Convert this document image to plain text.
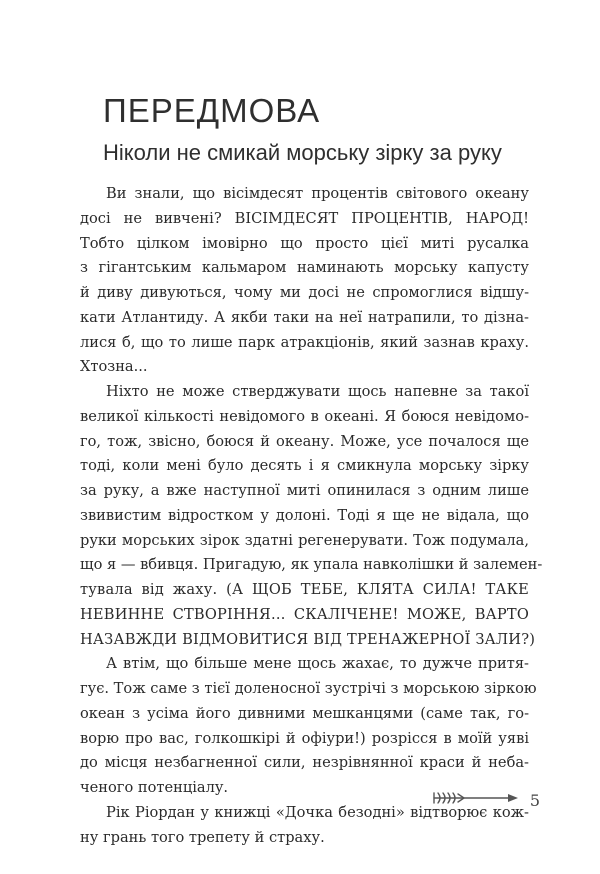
ПЕРЕДМОВА
Ніколи не смикай морську зірку за руку
Ви знали, що вісімдесят процентів світового океану
досі не вивчені? ВІСІМДЕСЯТ ПРОЦЕНТІВ, НАРОД!
Тобто цілком імовірно що просто цієї миті русалка
з гігантським кальмаром наминають морську капусту
й диву дивуються, чому ми досі не спромоглися відшу-
кати Атлантиду. А якби таки на неї натрапили, то дізна-
лися б, що то лише парк атракціонів, який зазнав краху.
Хтозна...
Ніхто не може стверджувати щось напевне за такої
великої кількості невідомого в океані. Я боюся невідомо-
го, тож, звісно, боюся й океану. Може, усе почалося ще
тоді, коли мені було десять і я смикнула морську зірку
за руку, а вже наступної миті опинилася з одним лише
звивистим відростком у долоні. Тоді я ще не відала, що
руки морських зірок здатні регенерувати. Тож подумала,
що я — вбивця. Пригадую, як упала навколішки й залемен-
тувала від жаху. (А ЩОБ ТЕБЕ, КЛЯТА СИЛА! ТАКЕ
НЕВИННЕ СТВОРІННЯ… СКАЛІЧЕНЕ! МОЖЕ, ВАРТО
НАЗАВЖДИ ВІДМОВИТИСЯ ВІД ТРЕНАЖЕРНОЇ ЗАЛИ?)
А втім, що більше мене щось жахає, то дужче притя-
гує. Тож саме з тієї доленосної зустрічі з морською зіркою
океан з усіма його дивними мешканцями (саме так, го-
ворю про вас, голкошкірі й офіури!) розрісся в моїй уяві
до місця незбагненної сили, незрівнянної краси й неба-
ченого потенціалу.
Рік Ріордан у книжці «Дочка безодні» відтворює кож-
ну грань того трепету й страху.
5
